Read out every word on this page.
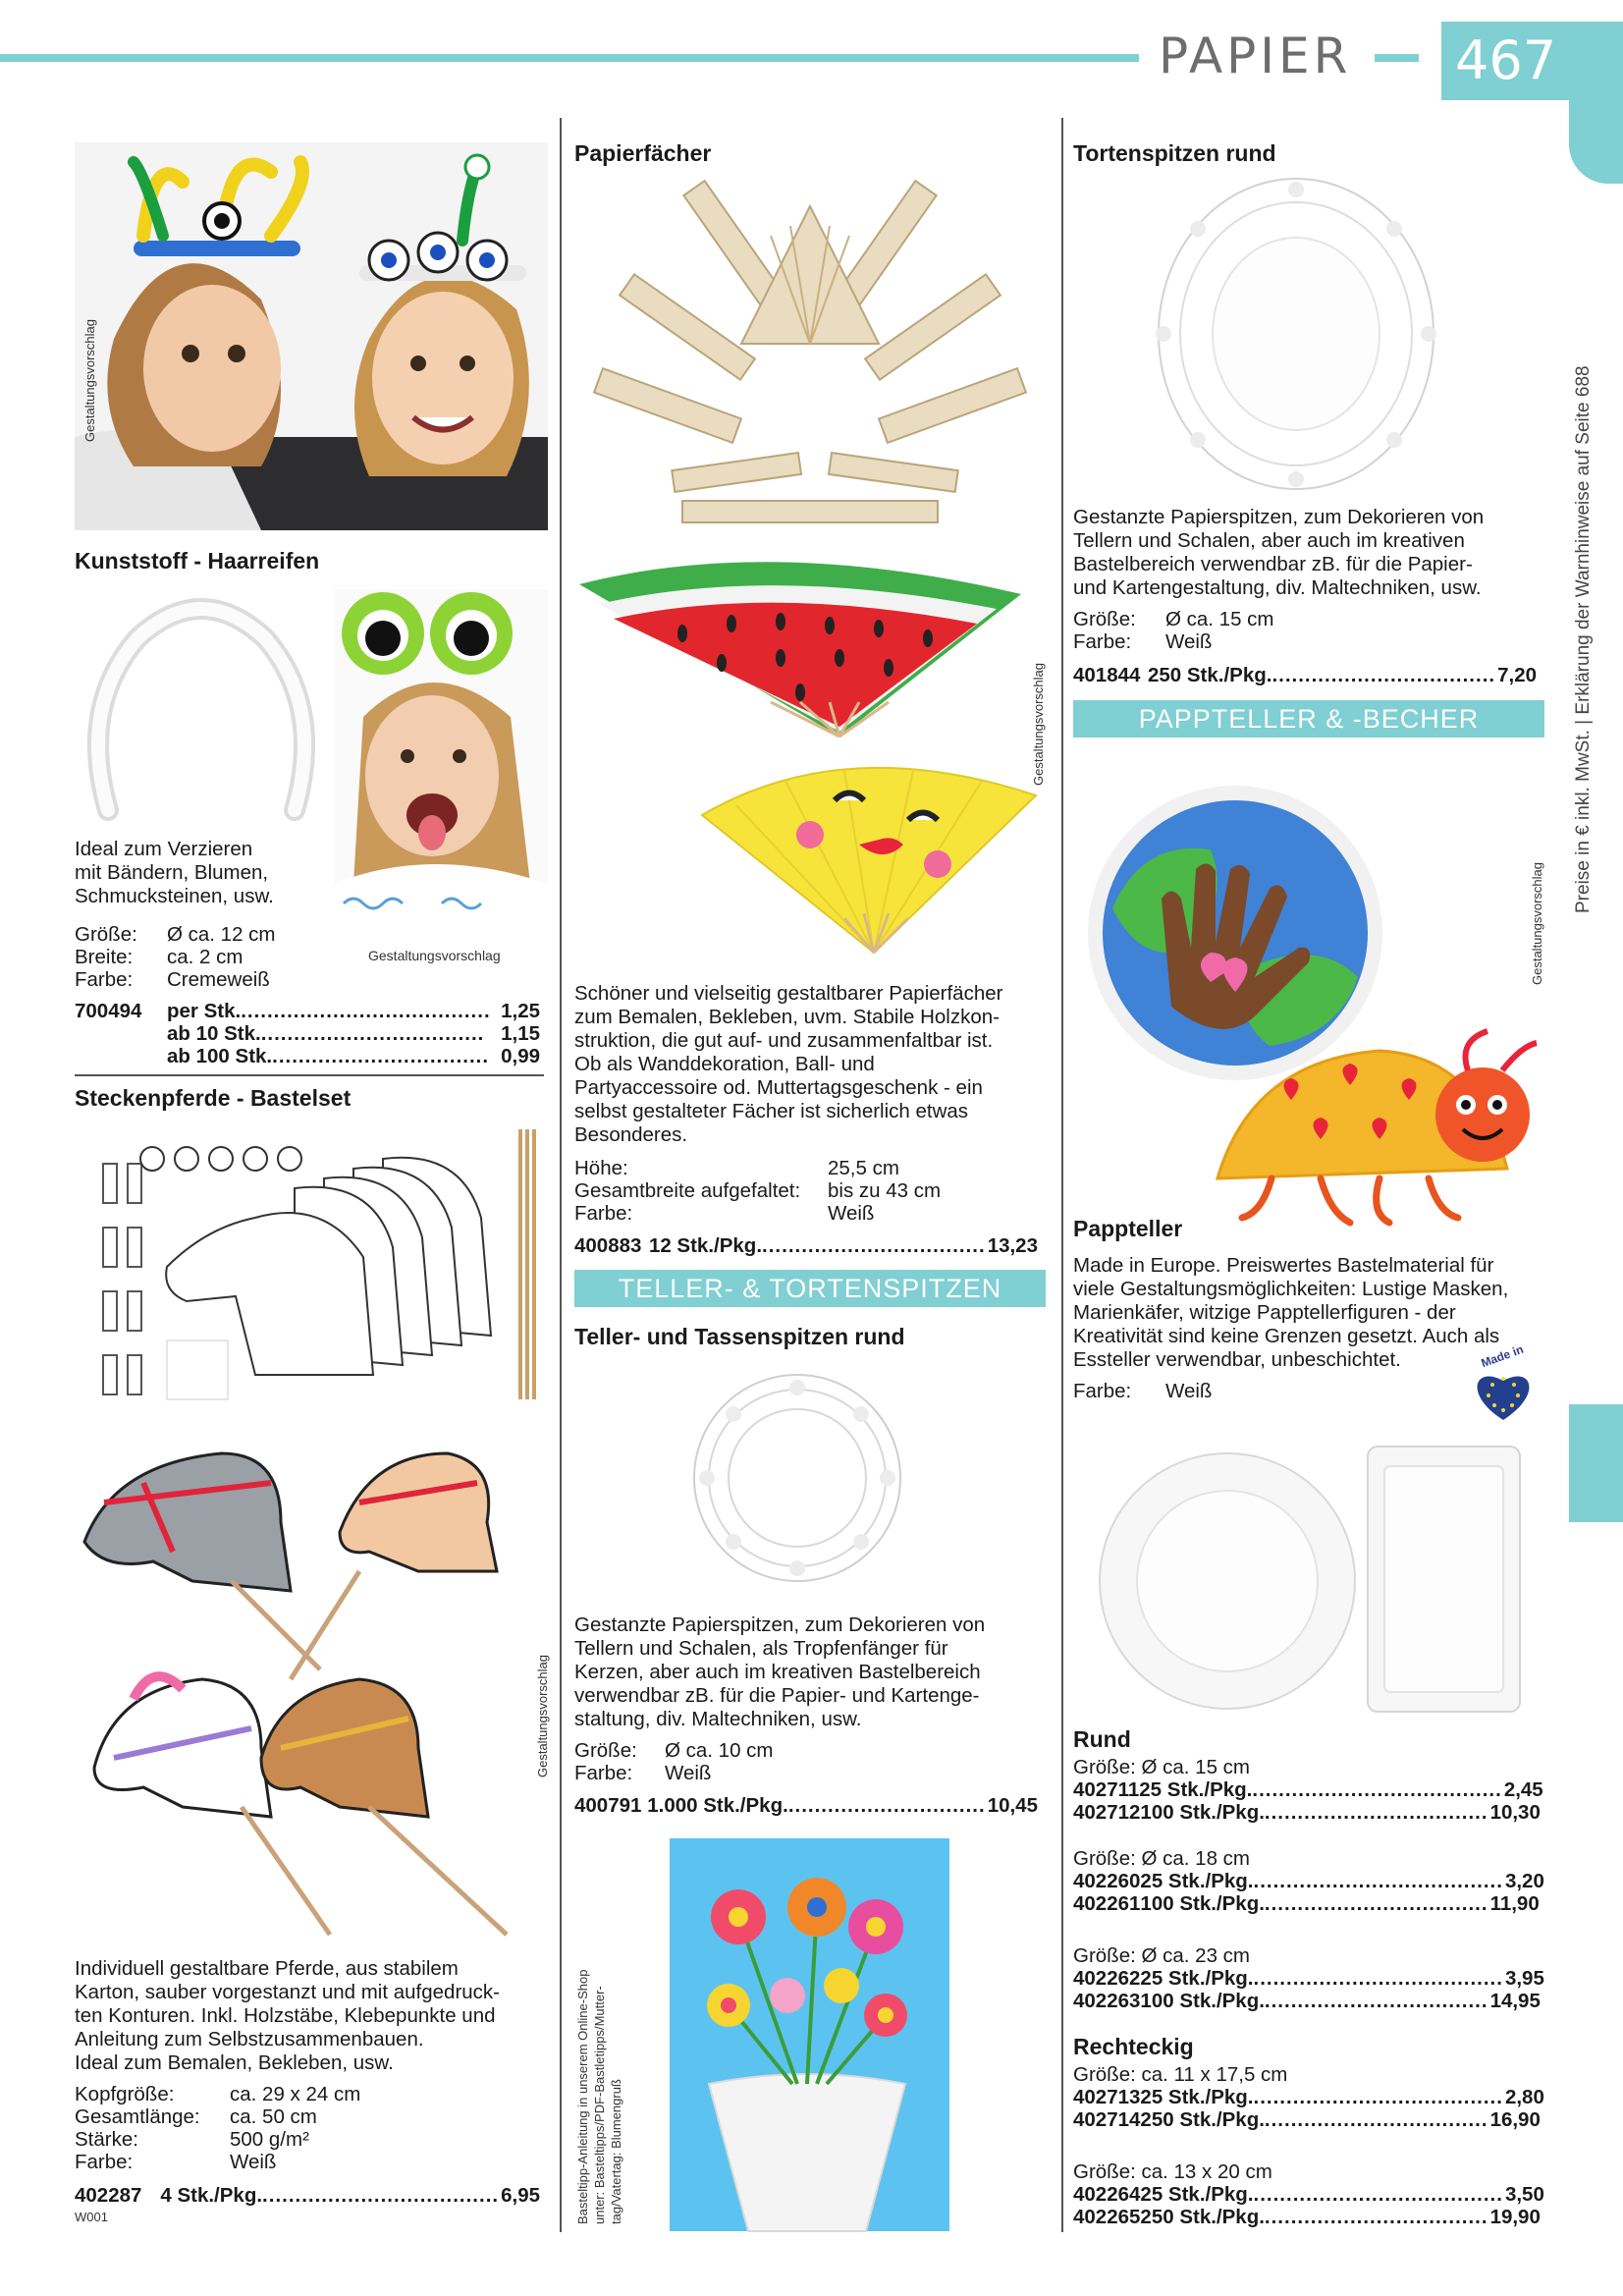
PAPIER 467
Preise in € inkl. MwSt. | Erklärung der Warnhinweise auf Seite 688
Gestaltungsvorschlag
Kunststoff - Haarreifen
Gestaltungsvorschlag
Ideal zum Verzieren
mit Bändern, Blumen,
Schmucksteinen, usw.
Größe:	Ø ca. 12 cm
Breite:	ca. 2 cm
Farbe:	Cremeweiß
700494	per Stk. ...................................... 1,25
ab 10 Stk. .................................. 1,15
ab 100 Stk. ................................. 0,99
Steckenpferde - Bastelset
Gestaltungsvorschlag
Individuell gestaltbare Pferde, aus stabilem
Karton, sauber vorgestanzt und mit aufgedruck-
ten Konturen. Inkl. Holzstäbe, Klebepunkte und
Anleitung zum Selbstzusammenbauen.
Ideal zum Bemalen, Bekleben, usw.
Kopfgröße:	ca. 29 x 24 cm
Gesamtlänge:	ca. 50 cm
Stärke:	500 g/m²
Farbe:	Weiß
402287 4 Stk./Pkg. .................................... 6,95
W001
Papierfächer
Gestaltungsvorschlag
Schöner und vielseitig gestaltbarer Papierfächer
zum Bemalen, Bekleben, uvm. Stabile Holzkon-
struktion, die gut auf- und zusammenfaltbar ist.
Ob als Wanddekoration, Ball- und
Partyaccessoire od. Muttertagsgeschenk - ein
selbst gestalteter Fächer ist sicherlich etwas
Besonderes.
Höhe:	25,5 cm
Gesamtbreite aufgefaltet:	bis zu 43 cm
Farbe:	Weiß
400883 12 Stk./Pkg. .................................. 13,23
TELLER- & TORTENSPITZEN
Teller- und Tassenspitzen rund
Gestanzte Papierspitzen, zum Dekorieren von
Tellern und Schalen, als Tropfenfänger für
Kerzen, aber auch im kreativen Bastelbereich
verwendbar zB. für die Papier- und Kartenge-
staltung, div. Maltechniken, usw.
Größe:	Ø ca. 10 cm
Farbe:	Weiß
400791 1.000 Stk./Pkg. .............................. 10,45
Basteltipp-Anleitung in unserem Online-Shop unter: Basteltipps/PDF-Bastletipps/Mutter- tag/Vatertag: Blumengruß
Tortenspitzen rund
Gestanzte Papierspitzen, zum Dekorieren von
Tellern und Schalen, aber auch im kreativen
Bastelbereich verwendbar zB. für die Papier-
und Kartengestaltung, div. Maltechniken, usw.
Größe:	Ø ca. 15 cm
Farbe:	Weiß
401844 250 Stk./Pkg. .................................. 7,20
PAPPTELLER & -BECHER
Gestaltungsvorschlag
Pappteller
Made in Europe. Preiswertes Bastelmaterial für
viele Gestaltungsmöglichkeiten: Lustige Masken,
Marienkäfer, witzige Papptellerfiguren - der
Kreativität sind keine Grenzen gesetzt. Auch als
Essteller verwendbar, unbeschichtet.
Farbe:	Weiß
Made in
Rund
Größe: Ø ca. 15 cm
402711 25 Stk./Pkg. ...................................... 2,45
402712 100 Stk./Pkg. .................................. 10,30
Größe: Ø ca. 18 cm
402260 25 Stk./Pkg. ...................................... 3,20
402261 100 Stk./Pkg. .................................. 11,90
Größe: Ø ca. 23 cm
402262 25 Stk./Pkg. ...................................... 3,95
402263 100 Stk./Pkg. .................................. 14,95
Rechteckig
Größe: ca. 11 x 17,5 cm
402713 25 Stk./Pkg. ...................................... 2,80
402714 250 Stk./Pkg. .................................. 16,90
Größe: ca. 13 x 20 cm
402264 25 Stk./Pkg. ...................................... 3,50
402265 250 Stk./Pkg. .................................. 19,90
